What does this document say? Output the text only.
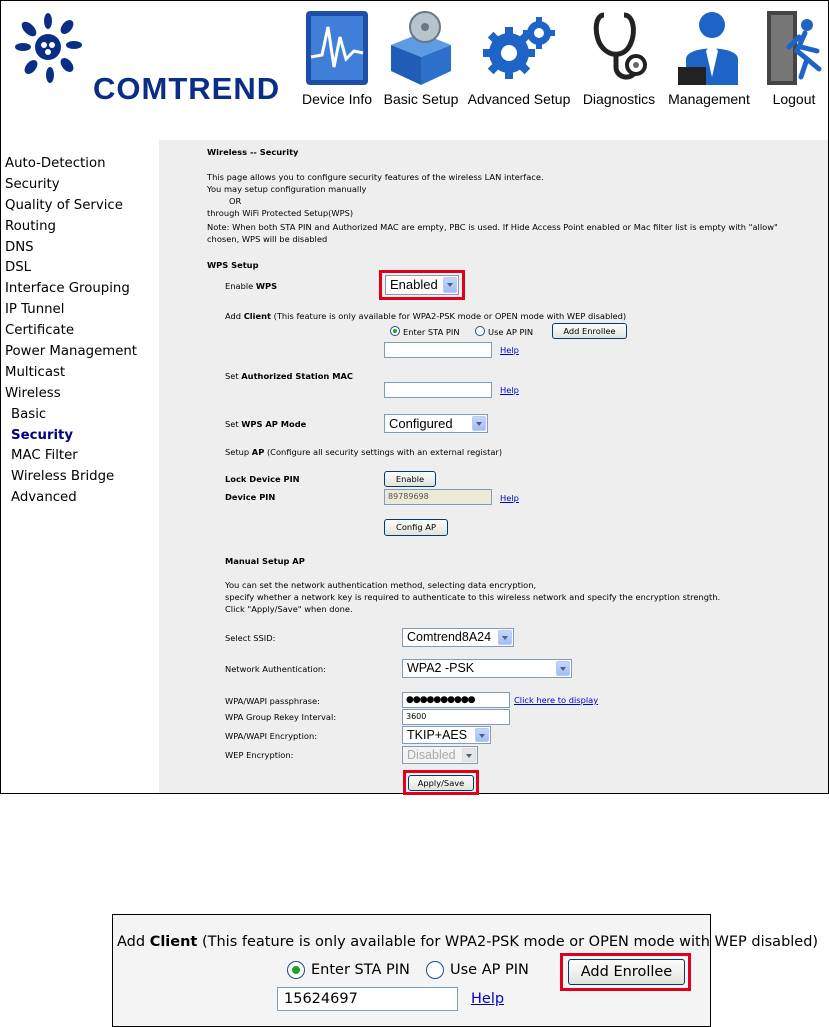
COMTREND	Device Info Basic Setup Advanced Setup Diagnostics Management	Logout
Auto-Detection
Security
Quality of Service
Routing
DNS
DSL
Interface Grouping
IP Tunnel
Certificate
Power Management
Multicast
Wireless
Basic
Security
MAC Filter
Wireless Bridge
Advanced
Wireless -- Security
This page allows you to configure security features of the wireless LAN interface.
You may setup configuration manually
OR
through WiFi Protected Setup(WPS)
Note: When both STA PIN and Authorized MAC are empty, PBC is used. If Hide Access Point enabled or Mac filter list is empty with "allow"
chosen, WPS will be disabled
WPS Setup
Enable WPS	Enabled
Add Client (This feature is only available for WPA2-PSK mode or OPEN mode with WEP disabled)
Enter STA PIN	Use AP PIN	Add Enrollee
Help
Set Authorized Station MAC
Help
Set WPS AP Mode	Configured
Setup AP (Configure all security settings with an external registar)
Lock Device PIN	Enable
Device PIN	89789698	Help
Config AP
Manual Setup AP
You can set the network authentication method, selecting data encryption,
specify whether a network key is required to authenticate to this wireless network and specify the encryption strength.
Click "Apply/Save" when done.
Select SSID:	Comtrend8A24
Network Authentication:	WPA2 -PSK
WPA/WAPI passphrase:	●●●●●●●●●●	Click here to display
WPA Group Rekey Interval:	3600
WPA/WAPI Encryption:	TKIP+AES
WEP Encryption:	Disabled
Apply/Save
Add Client (This feature is only available for WPA2-PSK mode or OPEN mode with WEP disabled)
Enter STA PIN	Use AP PIN	Add Enrollee
15624697	Help
